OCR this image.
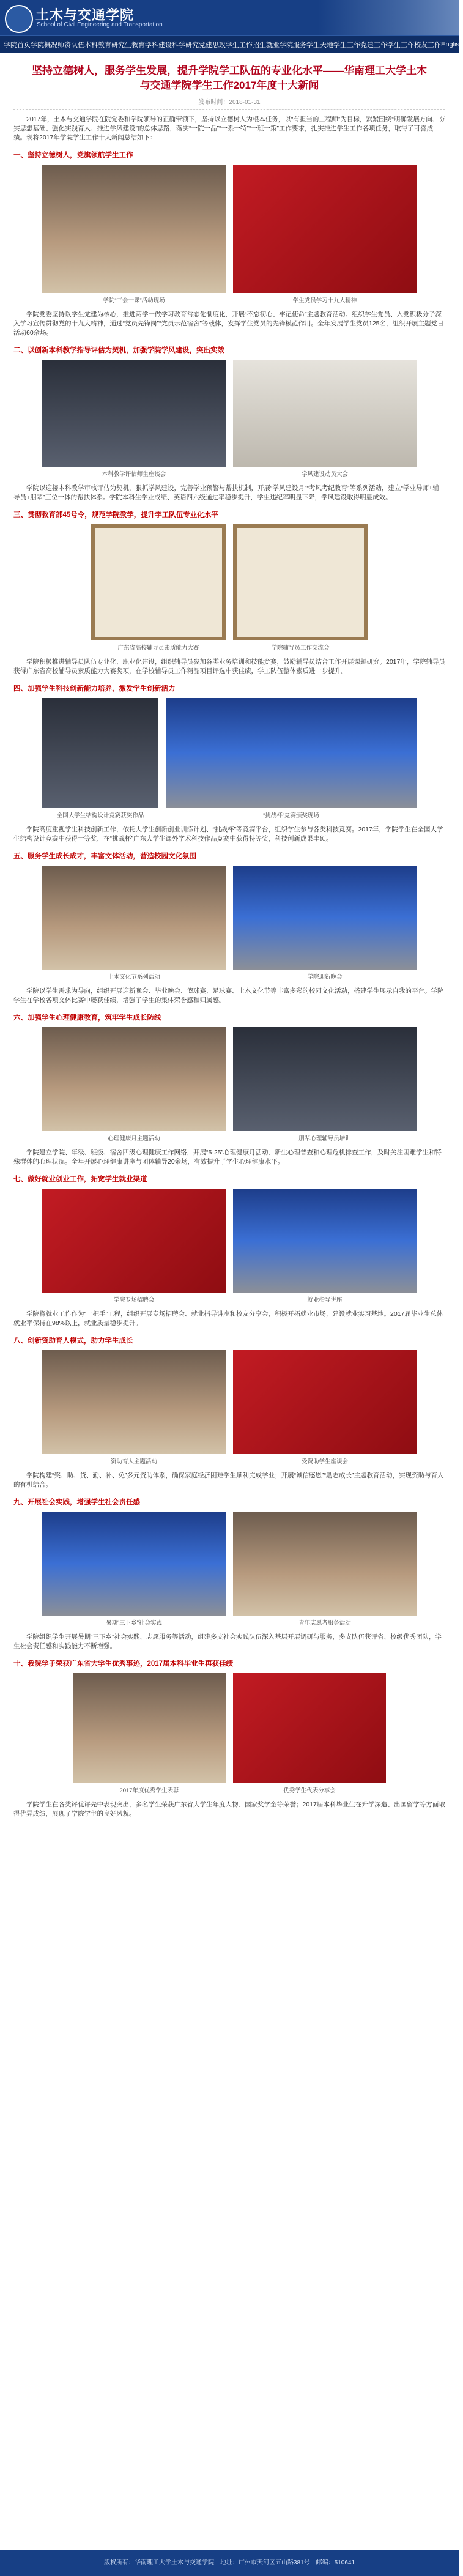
土木与交通学院
School of Civil Engineering and Transportation
学院首页 学院概况 师资队伍 本科教育 研究生教育 学科建设 科学研究 党建思政 学生工作 招生就业 学院服务 学生天地 学生工作 党建工作 学生工作 校友工作 English
坚持立德树人，服务学生发展，提升学院学工队伍的专业化水平——华南理工大学土木与交通学院学生工作2017年度十大新闻
发布时间：2018-01-31

2017年，土木与交通学院在院党委和学院领导的正确带领下，坚持以立德树人为根本任务，以“有担当的工程师”为目标，紧紧围绕“明确发展方向、夯实思想基础、强化实践育人、推进学风建设”的总体思路，落实“一院一品”“一系一特”“一班一策”工作要求，扎实推进学生工作各项任务，取得了可喜成绩。现将2017年学院学生工作十大新闻总结如下：

一、坚持立德树人，党旗领航学生工作
学院“三会一课”活动现场	学生党员学习十九大精神

学院党委坚持以学生党建为核心，推进两学一做学习教育常态化制度化，开展“不忘初心、牢记使命”主题教育活动。组织学生党员、入党积极分子深入学习宣传贯彻党的十九大精神，通过“党员先锋岗”“党员示范宿舍”等载体，发挥学生党员的先锋模范作用。全年发展学生党员125名，组织开展主题党日活动60余场。

二、以创新本科教学指导评估为契机，加强学院学风建设，突出实效
本科教学评估师生座谈会	学风建设动员大会

学院以迎接本科教学审核评估为契机，狠抓学风建设，完善学业预警与帮扶机制，开展“学风建设月”“考风考纪教育”等系列活动，建立“学业导师+辅导员+朋辈”三位一体的帮扶体系。学院本科生学业成绩、英语四六级通过率稳步提升，学生违纪率明显下降，学风建设取得明显成效。

三、贯彻教育部45号令，规范学院教学，提升学工队伍专业化水平
广东省高校辅导员素质能力大赛	学院辅导员工作交流会

学院积极推进辅导员队伍专业化、职业化建设，组织辅导员参加各类业务培训和技能竞赛，鼓励辅导员结合工作开展课题研究。2017年，学院辅导员获得广东省高校辅导员素质能力大赛奖项，在学校辅导员工作精品项目评选中获佳绩，学工队伍整体素质进一步提升。

四、加强学生科技创新能力培养，激发学生创新活力
全国大学生结构设计竞赛获奖作品	“挑战杯”竞赛颁奖现场

学院高度重视学生科技创新工作，依托大学生创新创业训练计划、“挑战杯”等竞赛平台，组织学生参与各类科技竞赛。2017年，学院学生在全国大学生结构设计竞赛中获得一等奖，在“挑战杯”广东大学生课外学术科技作品竞赛中获得特等奖，科技创新成果丰硕。

五、服务学生成长成才，丰富文体活动，营造校园文化氛围
土木文化节系列活动	学院迎新晚会

学院以学生需求为导向，组织开展迎新晚会、毕业晚会、篮球赛、足球赛、土木文化节等丰富多彩的校园文化活动，搭建学生展示自我的平台。学院学生在学校各项文体比赛中屡获佳绩，增强了学生的集体荣誉感和归属感。

六、加强学生心理健康教育，筑牢学生成长防线
心理健康月主题活动	朋辈心理辅导员培训

学院建立学院、年级、班级、宿舍四级心理健康工作网络，开展“5·25”心理健康月活动、新生心理普查和心理危机排查工作，及时关注困难学生和特殊群体的心理状况。全年开展心理健康讲座与团体辅导20余场，有效提升了学生心理健康水平。

七、做好就业创业工作，拓宽学生就业渠道
学院专场招聘会	就业指导讲座

学院将就业工作作为“一把手”工程，组织开展专场招聘会、就业指导讲座和校友分享会，积极开拓就业市场，建设就业实习基地。2017届毕业生总体就业率保持在98%以上，就业质量稳步提升。

八、创新资助育人模式，助力学生成长
资助育人主题活动	受资助学生座谈会

学院构建“奖、助、贷、勤、补、免”多元资助体系，确保家庭经济困难学生顺利完成学业；开展“诚信感恩”“励志成长”主题教育活动，实现资助与育人的有机结合。

九、开展社会实践，增强学生社会责任感
暑期“三下乡”社会实践	青年志愿者服务活动

学院组织学生开展暑期“三下乡”社会实践、志愿服务等活动，组建多支社会实践队伍深入基层开展调研与服务，多支队伍获评省、校级优秀团队，学生社会责任感和实践能力不断增强。

十、我院学子荣获广东省大学生优秀事迹，2017届本科毕业生再获佳绩
2017年度优秀学生表彰	优秀学生代表分享会

学院学生在各类评优评先中表现突出，多名学生荣获广东省大学生年度人物、国家奖学金等荣誉；2017届本科毕业生在升学深造、出国留学等方面取得优异成绩，展现了学院学生的良好风貌。

版权所有：华南理工大学土木与交通学院　地址：广州市天河区五山路381号　邮编：510641
